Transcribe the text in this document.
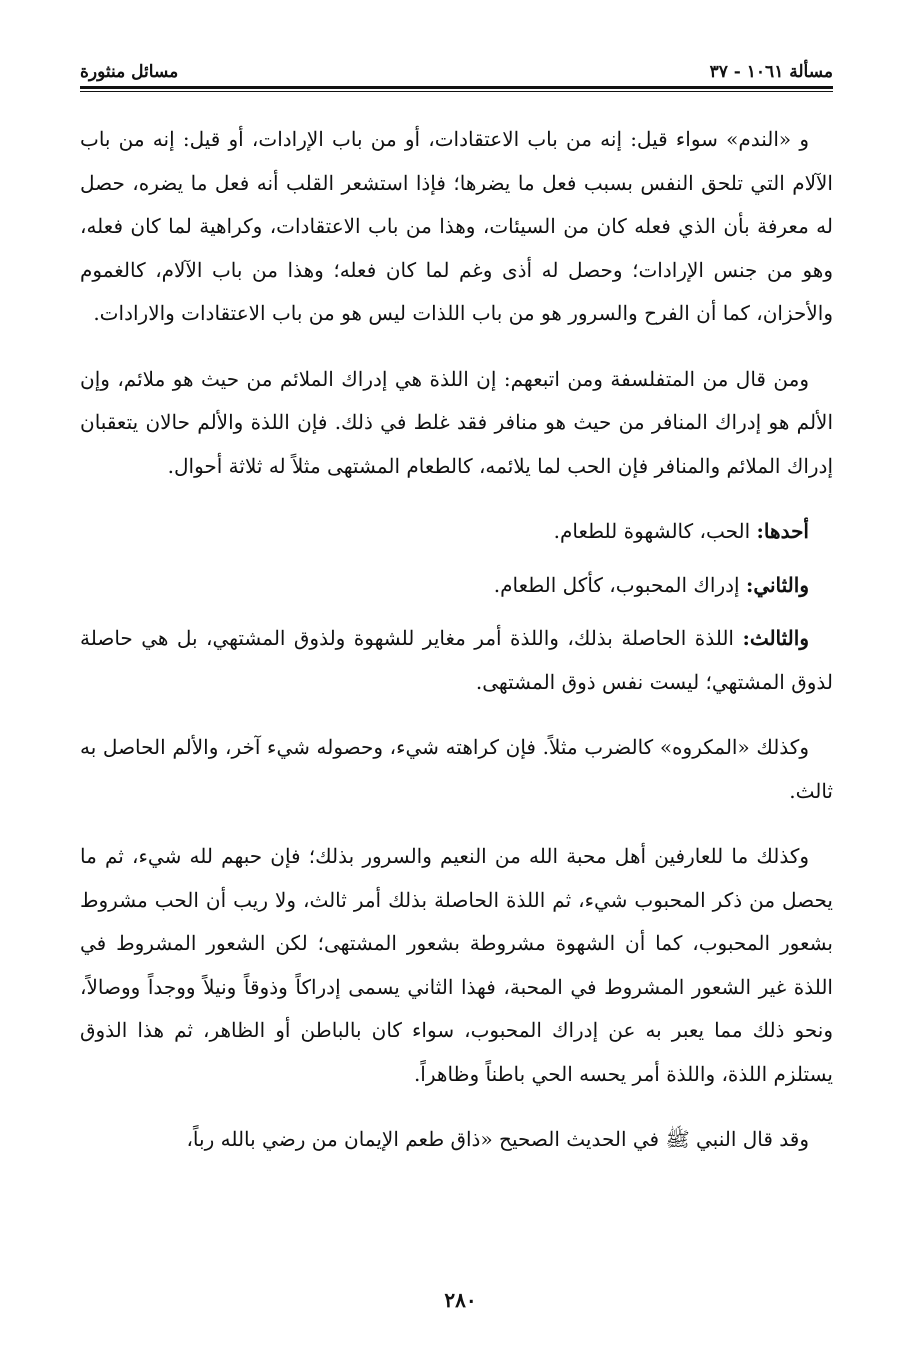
مسألة ١٠٦١ - ٣٧
مسائل منثورة

و «الندم» سواء قيل: إنه من باب الاعتقادات، أو من باب الإرادات، أو قيل: إنه من باب الآلام التي تلحق النفس بسبب فعل ما يضرها؛ فإذا استشعر القلب أنه فعل ما يضره، حصل له معرفة بأن الذي فعله كان من السيئات، وهذا من باب الاعتقادات، وكراهية لما كان فعله، وهو من جنس الإرادات؛ وحصل له أذى وغم لما كان فعله؛ وهذا من باب الآلام، كالغموم والأحزان، كما أن الفرح والسرور هو من باب اللذات ليس هو من باب الاعتقادات والارادات.

ومن قال من المتفلسفة ومن اتبعهم: إن اللذة هي إدراك الملائم من حيث هو ملائم، وإن الألم هو إدراك المنافر من حيث هو منافر فقد غلط في ذلك. فإن اللذة والألم حالان يتعقبان إدراك الملائم والمنافر فإن الحب لما يلائمه، كالطعام المشتهى مثلاً له ثلاثة أحوال.

أحدها: الحب، كالشهوة للطعام.

والثاني: إدراك المحبوب، كأكل الطعام.

والثالث: اللذة الحاصلة بذلك، واللذة أمر مغاير للشهوة ولذوق المشتهي، بل هي حاصلة لذوق المشتهي؛ ليست نفس ذوق المشتهى.

وكذلك «المكروه» كالضرب مثلاً. فإن كراهته شيء، وحصوله شيء آخر، والألم الحاصل به ثالث.

وكذلك ما للعارفين أهل محبة الله من النعيم والسرور بذلك؛ فإن حبهم لله شيء، ثم ما يحصل من ذكر المحبوب شيء، ثم اللذة الحاصلة بذلك أمر ثالث، ولا ريب أن الحب مشروط بشعور المحبوب، كما أن الشهوة مشروطة بشعور المشتهى؛ لكن الشعور المشروط في اللذة غير الشعور المشروط في المحبة، فهذا الثاني يسمى إدراكاً وذوقاً ونيلاً ووجداً ووصالاً، ونحو ذلك مما يعبر به عن إدراك المحبوب، سواء كان بالباطن أو الظاهر، ثم هذا الذوق يستلزم اللذة، واللذة أمر يحسه الحي باطناً وظاهراً.

وقد قال النبي ﷺ في الحديث الصحيح «ذاق طعم الإيمان من رضي بالله رباً،

٢٨٠
